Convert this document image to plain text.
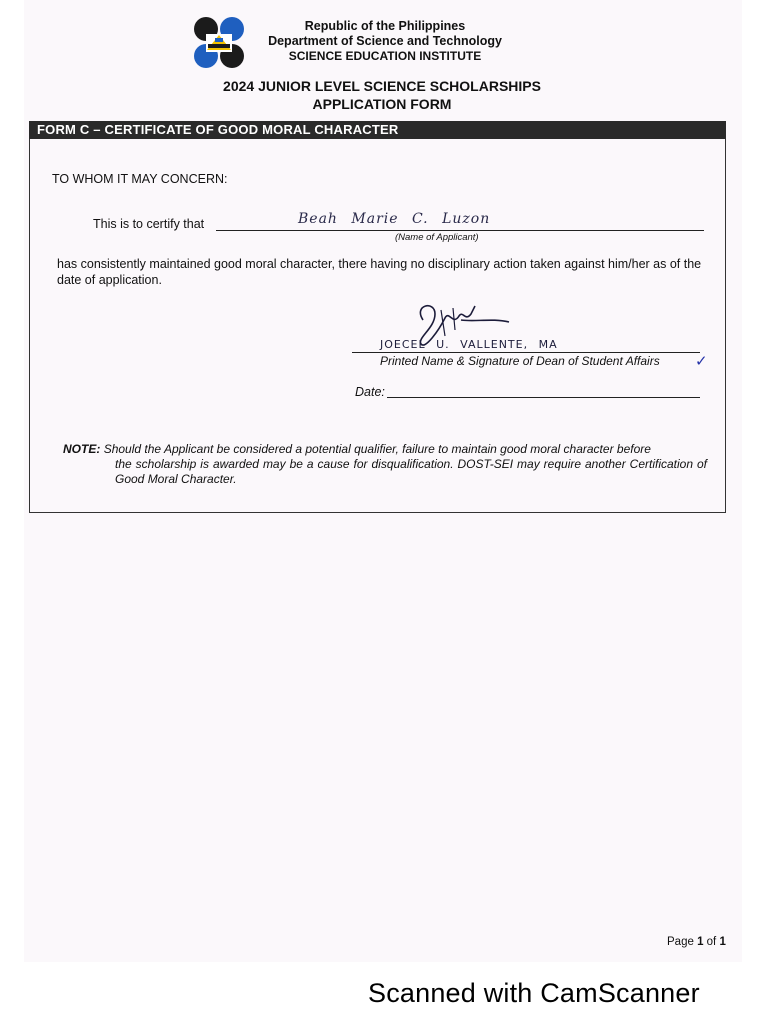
Republic of the Philippines
Department of Science and Technology
SCIENCE EDUCATION INSTITUTE
2024 JUNIOR LEVEL SCIENCE SCHOLARSHIPS
APPLICATION FORM
FORM C – CERTIFICATE OF GOOD MORAL CHARACTER
TO WHOM IT MAY CONCERN:
This is to certify that	Beah Marie C. Luzon
(Name of Applicant)
has consistently maintained good moral character, there having no disciplinary action taken against him/her as of the date of application.
JOECEL U. VALLENTE, MA
Printed Name & Signature of Dean of Student Affairs ✓
Date:
NOTE: Should the Applicant be considered a potential qualifier, failure to maintain good moral character before
the scholarship is awarded may be a cause for disqualification. DOST-SEI may require another Certification of Good Moral Character.
Page 1 of 1
Scanned with CamScanner
